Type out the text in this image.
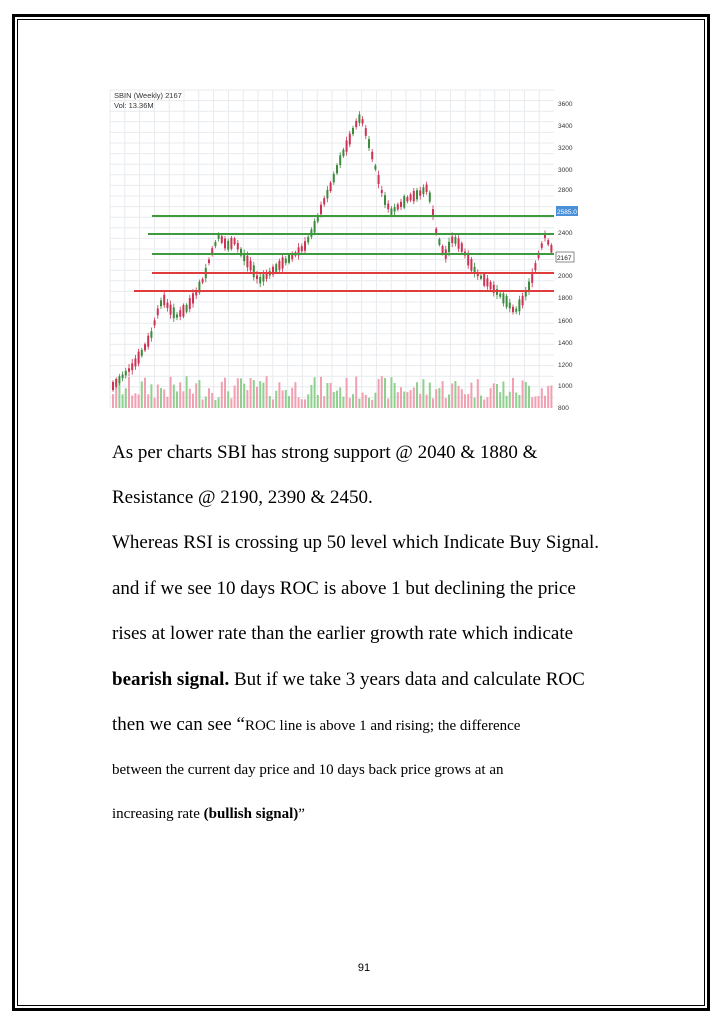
3600
3400
3200
3000
2800
2400
2000
1800
1600
1400
1200
1000
800
2585.0
2167
SBIN (Weekly) 2167
Vol: 13.36M

As per charts SBI has strong support @ 2040 & 1880 &

Resistance @ 2190, 2390 & 2450.

Whereas RSI is crossing up 50 level which Indicate Buy Signal.

and if we see 10 days ROC is above 1 but declining the price

rises at lower rate than the earlier growth rate which indicate

bearish signal. But if we take 3 years data and calculate ROC

then we can see “ROC line is above 1 and rising; the difference

between the current day price and 10 days back price grows at an

increasing rate (bullish signal)”

91
